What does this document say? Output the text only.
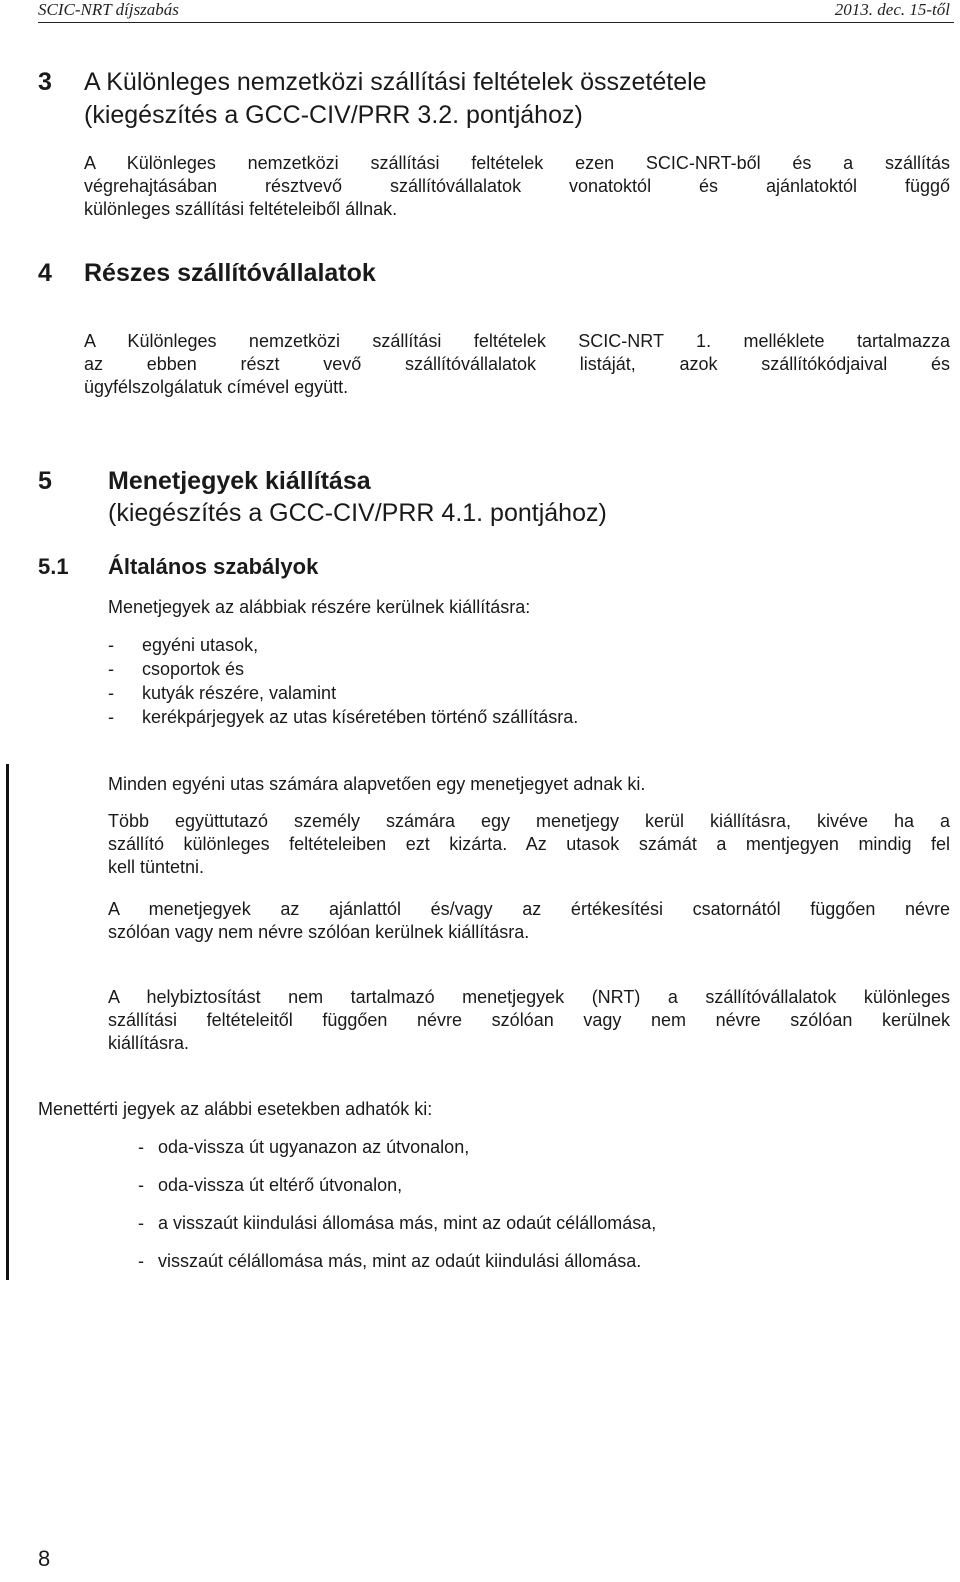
SCIC-NRT díjszabás	2013. dec. 15-től
3 A Különleges nemzetközi szállítási feltételek összetétele
(kiegészítés a GCC-CIV/PRR 3.2. pontjához)
A Különleges nemzetközi szállítási feltételek ezen SCIC-NRT-ből és a szállítás
végrehajtásában résztvevő szállítóvállalatok vonatoktól és ajánlatoktól függő
különleges szállítási feltételeiből állnak.
4 Részes szállítóvállalatok
A Különleges nemzetközi szállítási feltételek SCIC-NRT 1. melléklete tartalmazza
az ebben részt vevő szállítóvállalatok listáját, azok szállítókódjaival és
ügyfélszolgálatuk címével együtt.
5 Menetjegyek kiállítása
(kiegészítés a GCC-CIV/PRR 4.1. pontjához)
5.1 Általános szabályok
Menetjegyek az alábbiak részére kerülnek kiállításra:
- egyéni utasok,
- csoportok és
- kutyák részére, valamint
- kerékpárjegyek az utas kíséretében történő szállításra.
Minden egyéni utas számára alapvetően egy menetjegyet adnak ki.
Több együttutazó személy számára egy menetjegy kerül kiállításra, kivéve ha a
szállító különleges feltételeiben ezt kizárta. Az utasok számát a mentjegyen mindig fel
kell tüntetni.
A menetjegyek az ajánlattól és/vagy az értékesítési csatornától függően névre
szólóan vagy nem névre szólóan kerülnek kiállításra.
A helybiztosítást nem tartalmazó menetjegyek (NRT) a szállítóvállalatok különleges
szállítási feltételeitől függően névre szólóan vagy nem névre szólóan kerülnek
kiállításra.
Menettérti jegyek az alábbi esetekben adhatók ki:
- oda-vissza út ugyanazon az útvonalon,
- oda-vissza út eltérő útvonalon,
- a visszaút kiindulási állomása más, mint az odaút célállomása,
- visszaút célállomása más, mint az odaút kiindulási állomása.
8
